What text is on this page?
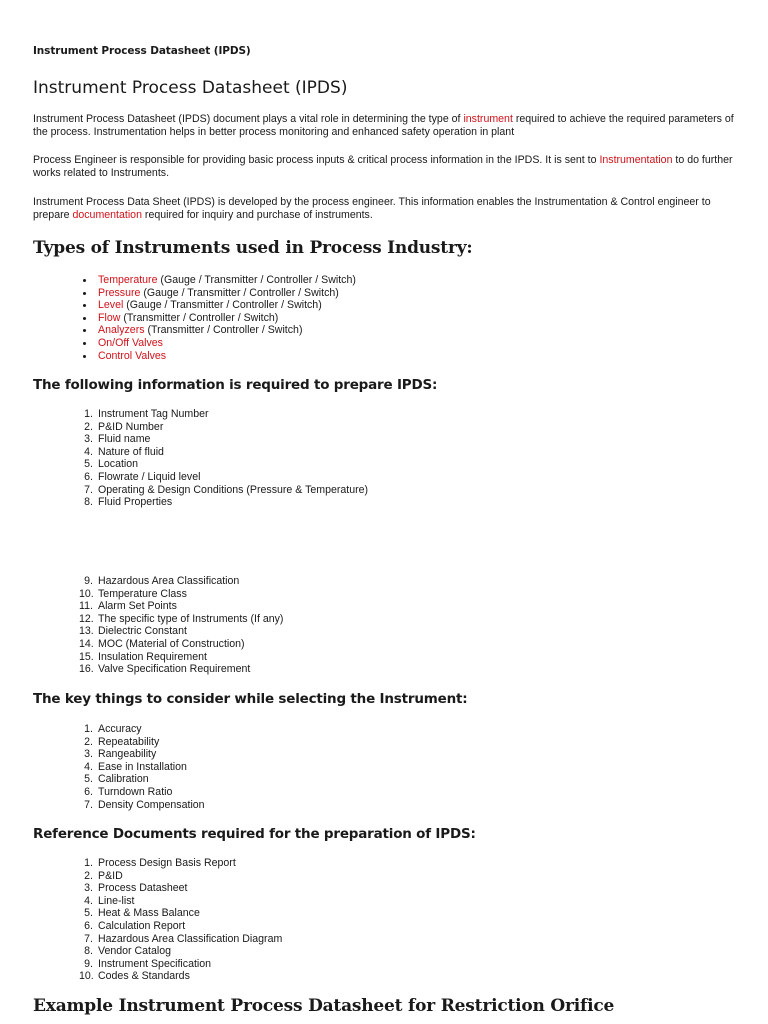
Instrument Process Datasheet (IPDS)
Instrument Process Datasheet (IPDS)

Instrument Process Datasheet (IPDS) document plays a vital role in determining the type of instrument required to achieve the required parameters of the process. Instrumentation helps in better process monitoring and enhanced safety operation in plant

Process Engineer is responsible for providing basic process inputs & critical process information in the IPDS. It is sent to Instrumentation to do further works related to Instruments.

Instrument Process Data Sheet (IPDS) is developed by the process engineer. This information enables the Instrumentation & Control engineer to prepare documentation required for inquiry and purchase of instruments.

Types of Instruments used in Process Industry:
Temperature (Gauge / Transmitter / Controller / Switch)
Pressure (Gauge / Transmitter / Controller / Switch)
Level (Gauge / Transmitter / Controller / Switch)
Flow (Transmitter / Controller / Switch)
Analyzers (Transmitter / Controller / Switch)
On/Off Valves
Control Valves
The following information is required to prepare IPDS:
1. Instrument Tag Number
2. P&ID Number
3. Fluid name
4. Nature of fluid
5. Location
6. Flowrate / Liquid level
7. Operating & Design Conditions (Pressure & Temperature)
8. Fluid Properties
9. Hazardous Area Classification
10. Temperature Class
11. Alarm Set Points
12. The specific type of Instruments (If any)
13. Dielectric Constant
14. MOC (Material of Construction)
15. Insulation Requirement
16. Valve Specification Requirement
The key things to consider while selecting the Instrument:
1. Accuracy
2. Repeatability
3. Rangeability
4. Ease in Installation
5. Calibration
6. Turndown Ratio
7. Density Compensation
Reference Documents required for the preparation of IPDS:
1. Process Design Basis Report
2. P&ID
3. Process Datasheet
4. Line-list
5. Heat & Mass Balance
6. Calculation Report
7. Hazardous Area Classification Diagram
8. Vendor Catalog
9. Instrument Specification
10. Codes & Standards
Example Instrument Process Datasheet for Restriction Orifice
